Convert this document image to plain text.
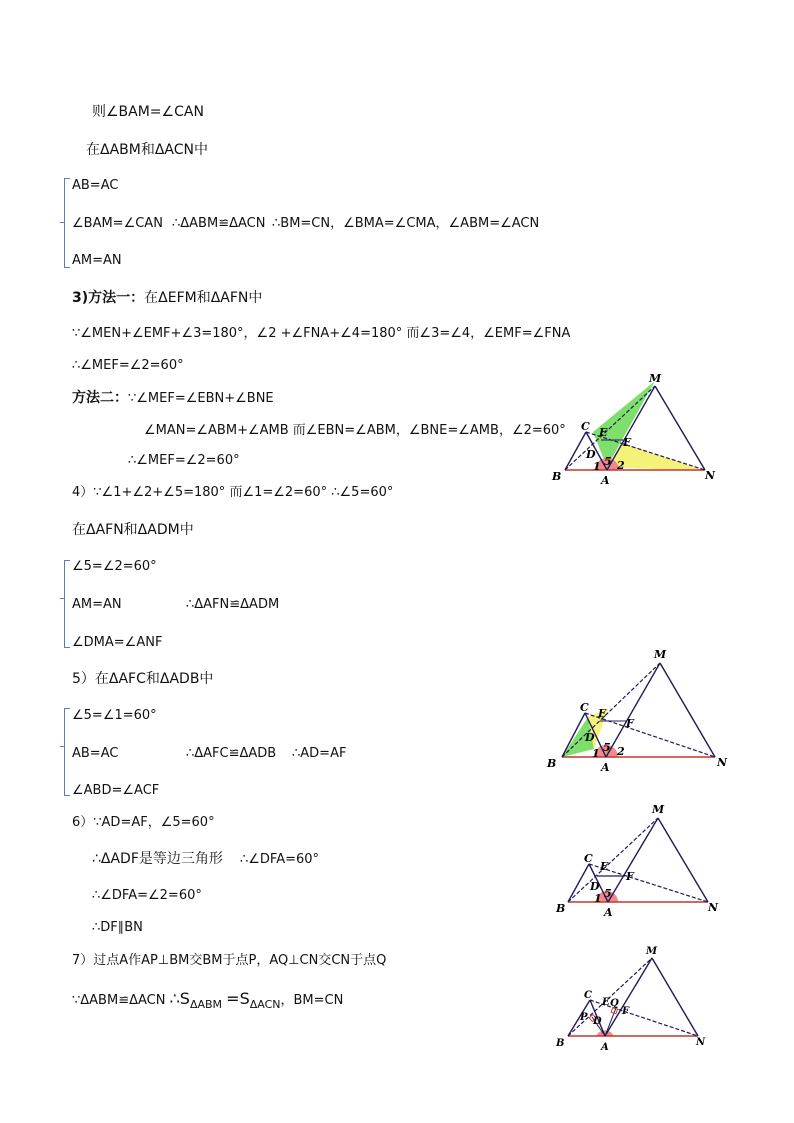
则∠BAM=∠CAN
在ΔABM和ΔACN中
AB=AC
∠BAM=∠CAN ∴ΔABM≌ΔACN ∴BM=CN，∠BMA=∠CMA，∠ABM=∠ACN
AM=AN
3)方法一：在ΔEFM和ΔAFN中
∵∠MEN+∠EMF+∠3=180°，∠2 +∠FNA+∠4=180° 而∠3=∠4，∠EMF=∠FNA
∴∠MEF=∠2=60°
方法二：∵∠MEF=∠EBN+∠BNE
∠MAN=∠ABM+∠AMB 而∠EBN=∠ABM，∠BNE=∠AMB，∠2=60°
∴∠MEF=∠2=60°
4）∵∠1+∠2+∠5=180° 而∠1=∠2=60° ∴∠5=60°
在ΔAFN和ΔADM中
∠5=∠2=60°
AM=AN	∴ΔAFN≌ΔADM
∠DMA=∠ANF
5）在ΔAFC和ΔADB中
∠5=∠1=60°
AB=AC	∴ΔAFC≌ΔADB ∴AD=AF
∠ABD=∠ACF
6）∵AD=AF，∠5=60°
∴ΔADF是等边三角形 ∴∠DFA=60°
∴∠DFA=∠2=60°
∴DF∥BN
7）过点A作AP⊥BM交BM于点P，AQ⊥CN交CN于点Q
∵ΔABM≌ΔACN $\therefore S_{\Delta ABM} =S_{\Delta ACN}$，BM=CN
M
C E
F
D
B	A	N
1 5 2
M
C E
F
D
B	A	N
1 5 2
M
C
E
F
D
B	A	N
1 5
M
C
E Q
F
P D
B	A	N
